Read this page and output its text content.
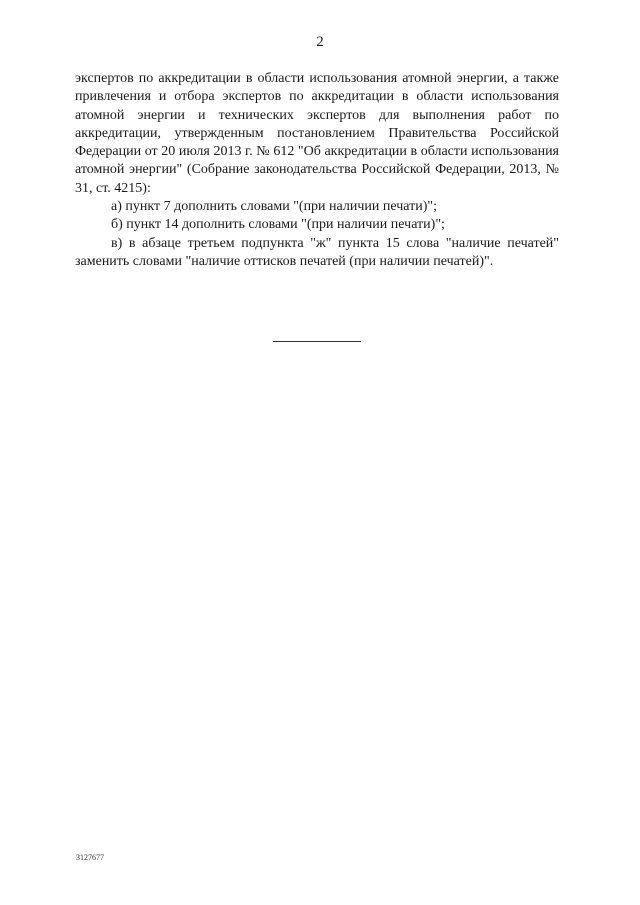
2

экспертов по аккредитации в области использования атомной энергии, а также привлечения и отбора экспертов по аккредитации в области использования атомной энергии и технических экспертов для выполнения работ по аккредитации, утвержденным постановлением Правительства Российской Федерации от 20 июля 2013 г. № 612 "Об аккредитации в области использования атомной энергии" (Собрание законодательства Российской Федерации, 2013, № 31, ст. 4215):

а) пункт 7 дополнить словами "(при наличии печати)";

б) пункт 14 дополнить словами "(при наличии печати)";

в) в абзаце третьем подпункта "ж" пункта 15 слова "наличие печатей" заменить словами "наличие оттисков печатей (при наличии печатей)".

3127677
